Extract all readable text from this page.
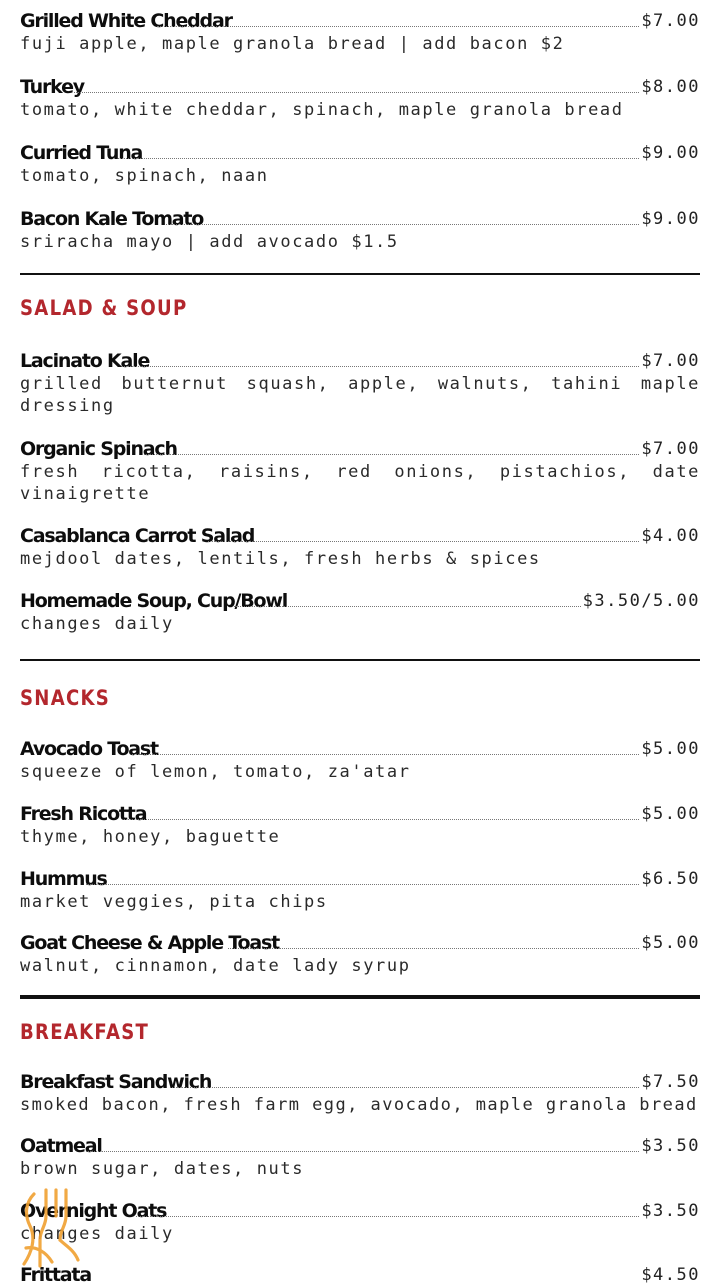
Grilled White Cheddar	$7.00
fuji apple, maple granola bread | add bacon $2
Turkey	$8.00
tomato, white cheddar, spinach, maple granola bread
Curried Tuna	$9.00
tomato, spinach, naan
Bacon Kale Tomato	$9.00
sriracha mayo | add avocado $1.5
SALAD & SOUP
Lacinato Kale	$7.00
grilled butternut squash, apple, walnuts, tahini maple dressing
Organic Spinach	$7.00
fresh ricotta, raisins, red onions, pistachios, date vinaigrette
Casablanca Carrot Salad	$4.00
mejdool dates, lentils, fresh herbs & spices
Homemade Soup, Cup/Bowl	$3.50/5.00
changes daily
SNACKS
Avocado Toast	$5.00
squeeze of lemon, tomato, za'atar
Fresh Ricotta	$5.00
thyme, honey, baguette
Hummus	$6.50
market veggies, pita chips
Goat Cheese & Apple Toast	$5.00
walnut, cinnamon, date lady syrup
BREAKFAST
Breakfast Sandwich	$7.50
smoked bacon, fresh farm egg, avocado, maple granola bread
Oatmeal	$3.50
brown sugar, dates, nuts
Overnight Oats	$3.50
changes daily
Frittata	$4.50
